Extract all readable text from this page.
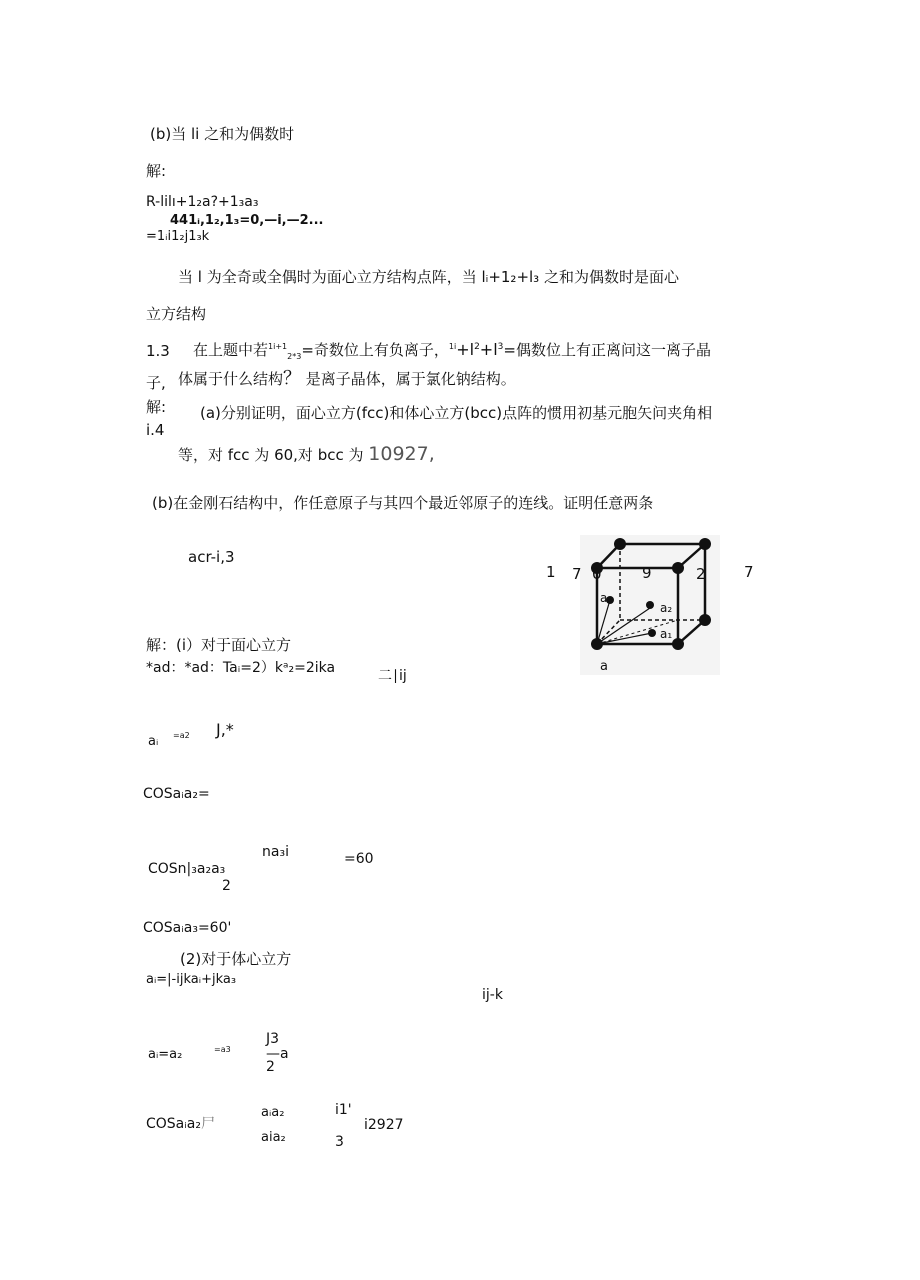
(b)当 li 之和为偶数时
解:
R-lilı+1₂a?+1₃a₃
441ᵢ,1₂,1₃=0,—i,—2...
=1ᵢi1₂j1₃k
当 l 为全奇或全偶时为面心立方结构点阵，当 lᵢ+1₂+l₃ 之和为偶数时是面心
立方结构
1.3 在上题中若$^{1i+1}_{2*3}$=奇数位上有负离子，$^{1i}+l^2+l^3=$偶数位上有正离问这一离子晶
子, 体属于什么结构？ 是离子晶体，属于氯化钠结构。
解:
i.4
(a)分别证明，面心立方(fcc)和体心立方(bcc)点阵的惯用初基元胞矢问夹角相
等，对 fcc 为 60,对 bcc 为 10927,
(b)在金刚石结构中，作任意原子与其四个最近邻原子的连线。证明任意两条
acr-i,3
1 7 0	9	2	7
a₃
a₂
a₁
a
解：(i）对于面心立方
*ad：*ad：Taᵢ=2）kᵃ₂=2ika	二∣ij
aᵢ =a2 J,*
COSaᵢa₂=
na₃i
COSn|₃a₂a₃
=60
2
COSaᵢa₃=60'
(2)对于体心立方
aᵢ=|-ijkaᵢ+jka₃
ij-k
J3
aᵢ=a₂	=a3	—a
2
aᵢa₂	i1'
COSaᵢa₂尸	i2927
aia₂	3
